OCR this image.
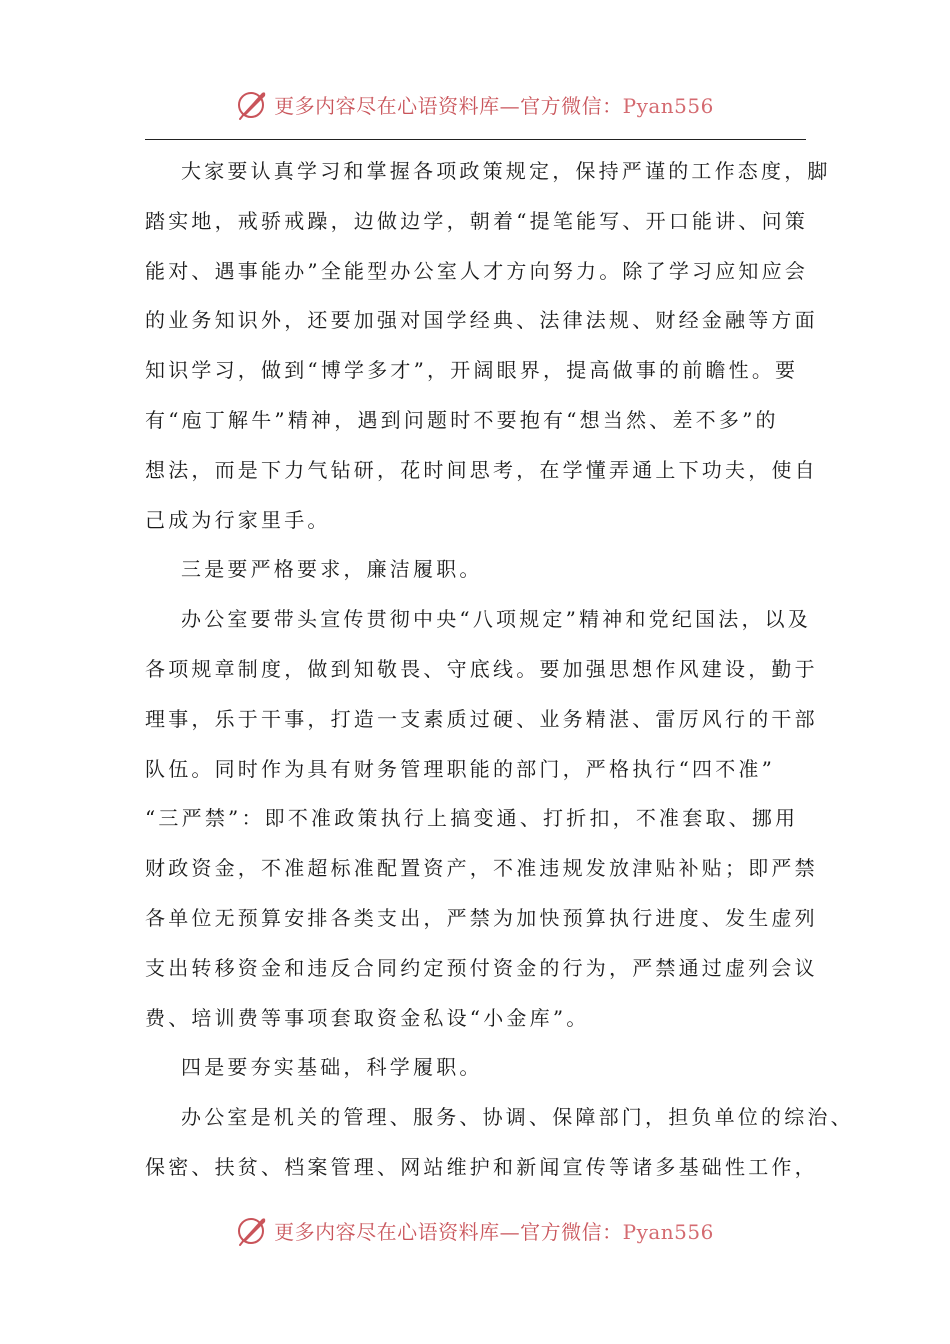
更多内容尽在心语资料库—官方微信：Pyan556

大家要认真学习和掌握各项政策规定，保持严谨的工作态度，脚
踏实地，戒骄戒躁，边做边学，朝着“提笔能写、开口能讲、问策
能对、遇事能办”全能型办公室人才方向努力。除了学习应知应会
的业务知识外，还要加强对国学经典、法律法规、财经金融等方面
知识学习，做到“博学多才”，开阔眼界，提高做事的前瞻性。要
有“庖丁解牛”精神，遇到问题时不要抱有“想当然、差不多”的
想法，而是下力气钻研，花时间思考，在学懂弄通上下功夫，使自
己成为行家里手。

三是要严格要求，廉洁履职。

办公室要带头宣传贯彻中央“八项规定”精神和党纪国法，以及
各项规章制度，做到知敬畏、守底线。要加强思想作风建设，勤于
理事，乐于干事，打造一支素质过硬、业务精湛、雷厉风行的干部
队伍。同时作为具有财务管理职能的部门，严格执行“四不准”
“三严禁”：即不准政策执行上搞变通、打折扣，不准套取、挪用
财政资金，不准超标准配置资产，不准违规发放津贴补贴；即严禁
各单位无预算安排各类支出，严禁为加快预算执行进度、发生虚列
支出转移资金和违反合同约定预付资金的行为，严禁通过虚列会议
费、培训费等事项套取资金私设“小金库”。

四是要夯实基础，科学履职。

办公室是机关的管理、服务、协调、保障部门，担负单位的综治、
保密、扶贫、档案管理、网站维护和新闻宣传等诸多基础性工作，

更多内容尽在心语资料库—官方微信：Pyan556
